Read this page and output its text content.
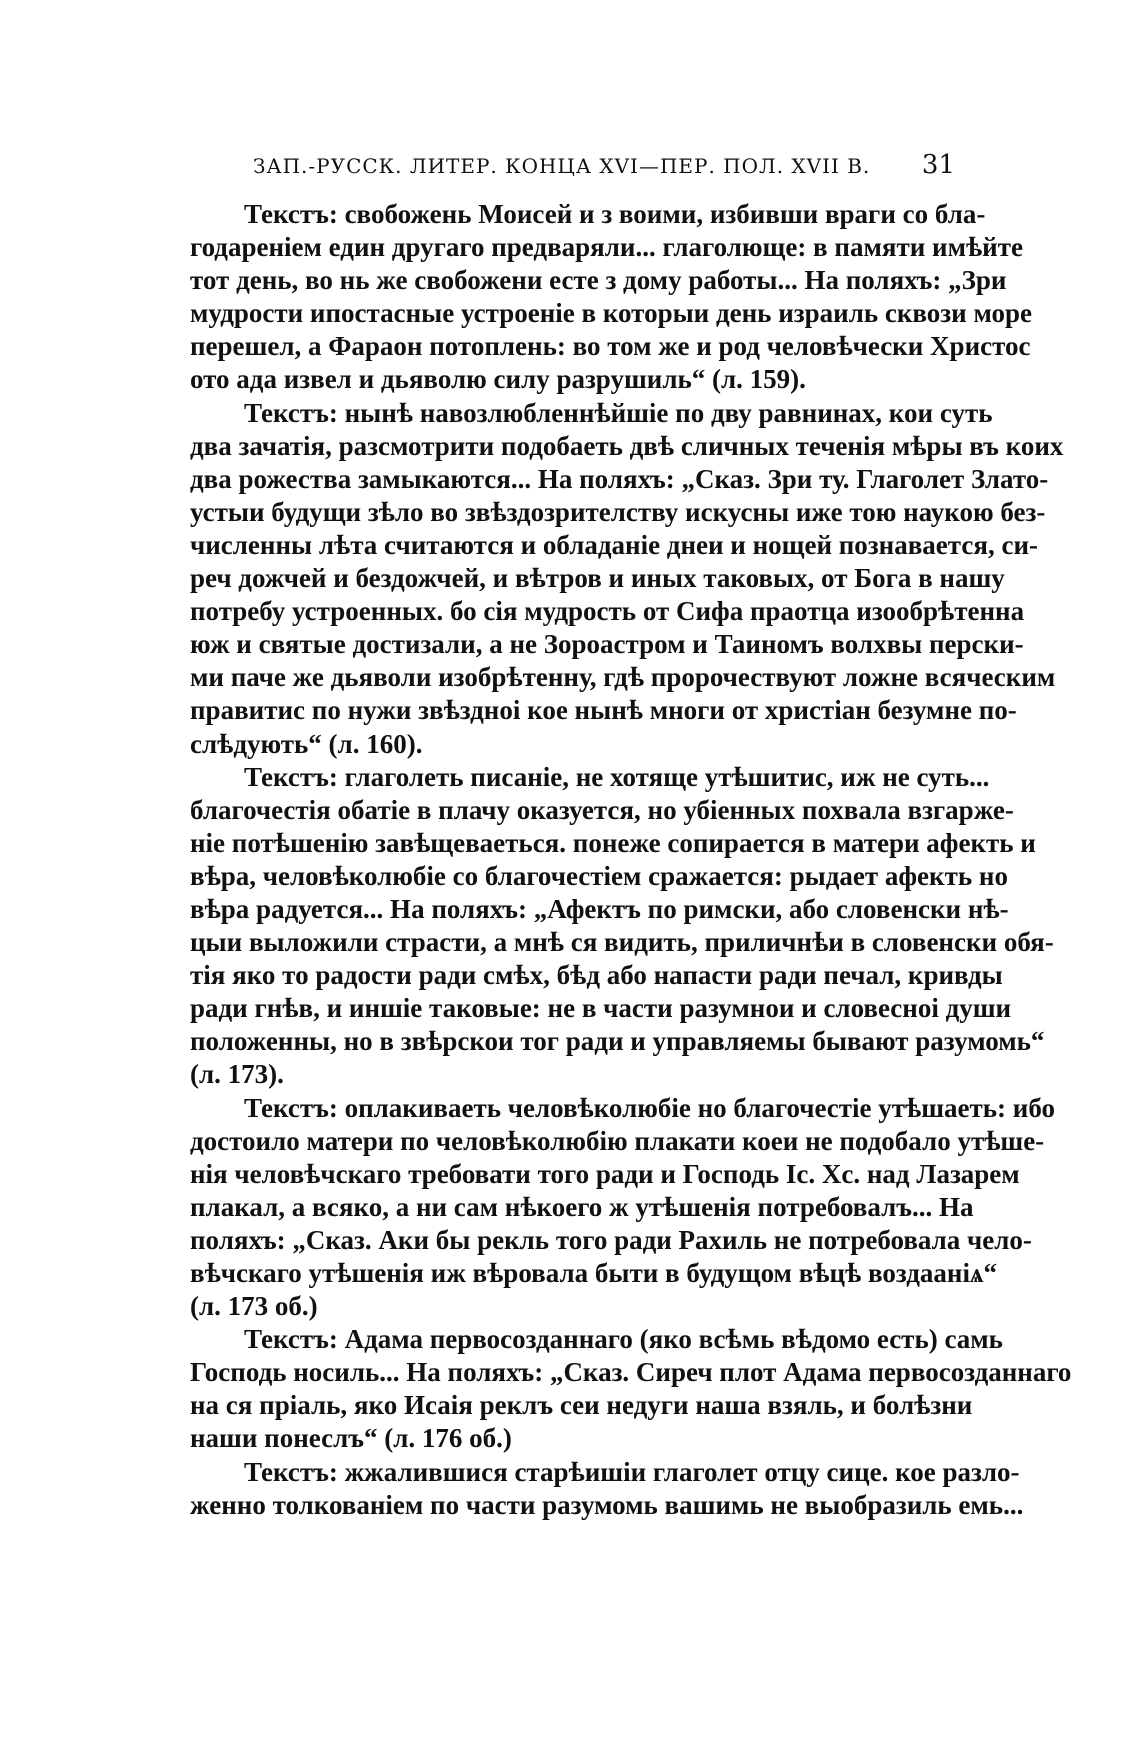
ЗАП.-РУССК. ЛИТЕР. КОНЦА XVI—ПЕР. ПОЛ. XVII В. 31

Текстъ: свобожень Моисей и з воими, избивши враги со бла-
годареніем един другаго предваряли... глаголюще: в памяти имѣйте
тот день, во нь же свобожени есте з дому работы... На поляхъ: „Зри
мудрости ипостасные устроеніе в которыи день израиль сквози море
перешел, а Фараон потоплень: во том же и род человѣчески Христос
ото ада извел и дьяволю силу разрушиль“ (л. 159).

Текстъ: нынѣ навозлюбленнѣйшіе по дву равнинах, кои суть
два зачатія, разсмотрити подобаеть двѣ сличных теченія мѣры въ коих
два рожества замыкаются... На поляхъ: „Сказ. Зри ту. Глаголет Злато-
устыи будущи зѣло во звѣздозрителству искусны иже тою наукою без-
численны лѣта считаются и обладаніе днеи и нощей познавается, си-
реч дожчей и бездожчей, и вѣтров и иных таковых, от Бога в нашу
потребу устроенных. бо сія мудрость от Сифа праотца изообрѣтенна
юж и святые достизали, а не Зороастром и Таиномъ волхвы перски-
ми паче же дьяволи изобрѣтенну, гдѣ пророчествуют ложне всяческим
правитис по нужи звѣздноі кое нынѣ многи от христіан безумне по-
слѣдують“ (л. 160).

Текстъ: глаголеть писаніе, не хотяще утѣшитис, иж не суть...
благочестія обатіе в плачу оказуется, но убіенных похвала взгарже-
ніе потѣшенію завѣщеваеться. понеже сопирается в матери афекть и
вѣра, человѣколюбіе со благочестіем сражается: рыдает афекть но
вѣра радуется... На поляхъ: „Афектъ по римски, або словенски нѣ-
цыи выложили страсти, а мнѣ ся видить, приличнѣи в словенски обя-
тія яко то радости ради смѣх, бѣд або напасти ради печал, кривды
ради гнѣв, и иншіе таковые: не в части разумнои и словесноі души
положенны, но в звѣрскои тог ради и управляемы бывают разумомь“
(л. 173).

Текстъ: оплакиваеть человѣколюбіе но благочестіе утѣшаеть: ибо
достоило матери по человѣколюбію плакати коеи не подобало утѣше-
нія человѣчскаго требовати того ради и Господь Іс. Хс. над Лазарем
плакал, а всяко, а ни сам нѣкоего ж утѣшенія потребовалъ... На
поляхъ: „Сказ. Аки бы рекль того ради Рахиль не потребовала чело-
вѣчскаго утѣшенія иж вѣровала быти в будущом вѣцѣ воздааніѧ“
(л. 173 об.)

Текстъ: Адама первосозданнаго (яко всѣмь вѣдомо есть) самь
Господь носиль... На поляхъ: „Сказ. Сиреч плот Адама первосозданнаго
на ся пріаль, яко Исаія реклъ сеи недуги наша взяль, и болѣзни
наши понеслъ“ (л. 176 об.)

Текстъ: жжалившися старѣишіи глаголет отцу сице. кое разло-
женно толкованіем по части разумомь вашимь не выобразиль емь...
